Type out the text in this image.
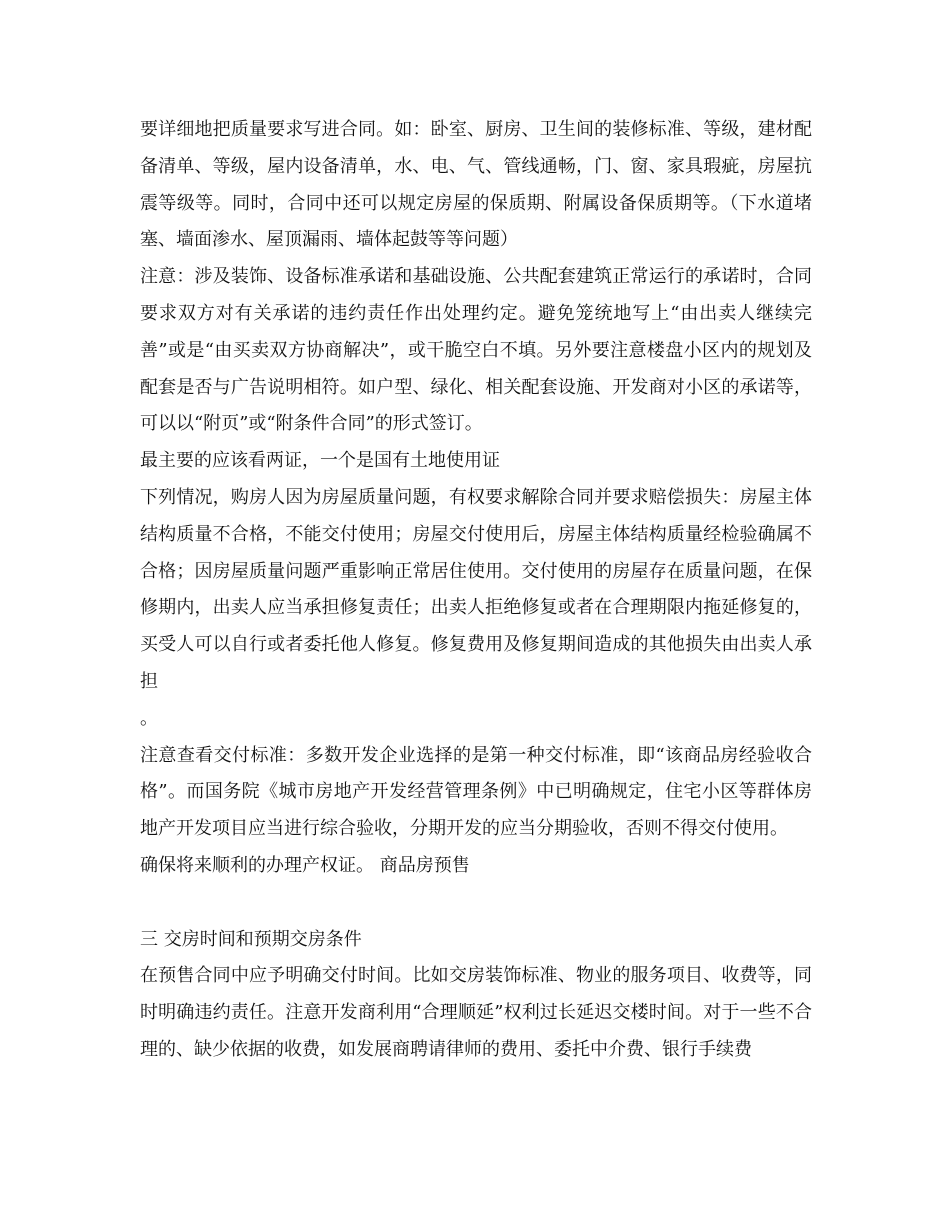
要详细地把质量要求写进合同。如：卧室、厨房、卫生间的装修标准、等级，建材配备清单、等级，屋内设备清单，水、电、气、管线通畅，门、窗、家具瑕疵，房屋抗震等级等。同时，合同中还可以规定房屋的保质期、附属设备保质期等。（下水道堵塞、墙面渗水、屋顶漏雨、墙体起鼓等等问题）

注意：涉及装饰、设备标准承诺和基础设施、公共配套建筑正常运行的承诺时，合同要求双方对有关承诺的违约责任作出处理约定。避免笼统地写上“由出卖人继续完善”或是“由买卖双方协商解决”，或干脆空白不填。另外要注意楼盘小区内的规划及配套是否与广告说明相符。如户型、绿化、相关配套设施、开发商对小区的承诺等，可以以“附页”或“附条件合同”的形式签订。

最主要的应该看两证，一个是国有土地使用证

下列情况，购房人因为房屋质量问题，有权要求解除合同并要求赔偿损失：房屋主体结构质量不合格，不能交付使用；房屋交付使用后，房屋主体结构质量经检验确属不合格；因房屋质量问题严重影响正常居住使用。交付使用的房屋存在质量问题，在保修期内，出卖人应当承担修复责任；出卖人拒绝修复或者在合理期限内拖延修复的，买受人可以自行或者委托他人修复。修复费用及修复期间造成的其他损失由出卖人承担

。

注意查看交付标准：多数开发企业选择的是第一种交付标准，即“该商品房经验收合格”。而国务院《城市房地产开发经营管理条例》中已明确规定，住宅小区等群体房地产开发项目应当进行综合验收，分期开发的应当分期验收，否则不得交付使用。

确保将来顺利的办理产权证。 商品房预售

三 交房时间和预期交房条件

在预售合同中应予明确交付时间。比如交房装饰标准、物业的服务项目、收费等，同时明确违约责任。注意开发商利用“合理顺延”权利过长延迟交楼时间。对于一些不合理的、缺少依据的收费，如发展商聘请律师的费用、委托中介费、银行手续费
